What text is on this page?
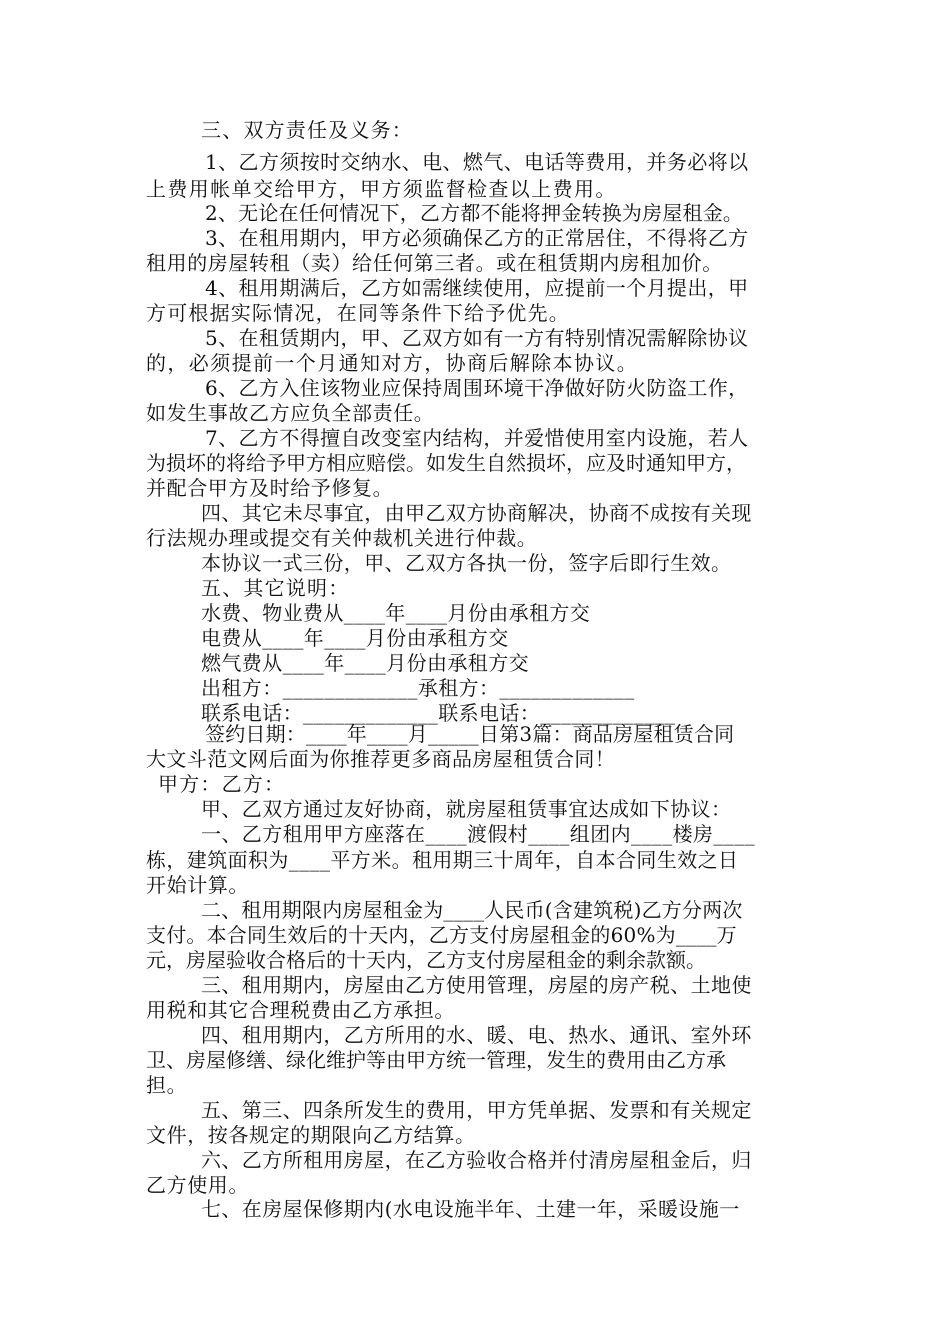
三、双方责任及义务：

1、乙方须按时交纳水、电、燃气、电话等费用，并务必将以

上费用帐单交给甲方，甲方须监督检查以上费用。

2、无论在任何情况下，乙方都不能将押金转换为房屋租金。

3、在租用期内，甲方必须确保乙方的正常居住，不得将乙方

租用的房屋转租（卖）给任何第三者。或在租赁期内房租加价。

4、租用期满后，乙方如需继续使用，应提前一个月提出，甲

方可根据实际情况，在同等条件下给予优先。

5、在租赁期内，甲、乙双方如有一方有特别情况需解除协议

的，必须提前一个月通知对方，协商后解除本协议。

6、乙方入住该物业应保持周围环境干净做好防火防盗工作，

如发生事故乙方应负全部责任。

7、乙方不得擅自改变室内结构，并爱惜使用室内设施，若人

为损坏的将给予甲方相应赔偿。如发生自然损坏，应及时通知甲方，

并配合甲方及时给予修复。

四、其它未尽事宜，由甲乙双方协商解决，协商不成按有关现

行法规办理或提交有关仲裁机关进行仲裁。

本协议一式三份，甲、乙双方各执一份，签字后即行生效。

五、其它说明：

水费、物业费从____年____月份由承租方交

电费从____年____月份由承租方交

燃气费从____年____月份由承租方交

出租方：_____________承租方：_____________

联系电话：_____________联系电话：_____________

签约日期：____年____月_____日第3篇：商品房屋租赁合同

大文斗范文网后面为你推荐更多商品房屋租赁合同！

甲方：乙方：

甲、乙双方通过友好协商，就房屋租赁事宜达成如下协议：

一、乙方租用甲方座落在____渡假村____组团内____楼房____

栋，建筑面积为____平方米。租用期三十周年，自本合同生效之日

开始计算。

二、租用期限内房屋租金为____人民币(含建筑税)乙方分两次

支付。本合同生效后的十天内，乙方支付房屋租金的60%为____万

元，房屋验收合格后的十天内，乙方支付房屋租金的剩余款额。

三、租用期内，房屋由乙方使用管理，房屋的房产税、土地使

用税和其它合理税费由乙方承担。

四、租用期内，乙方所用的水、暖、电、热水、通讯、室外环

卫、房屋修缮、绿化维护等由甲方统一管理，发生的费用由乙方承

担。

五、第三、四条所发生的费用，甲方凭单据、发票和有关规定

文件，按各规定的期限向乙方结算。

六、乙方所租用房屋，在乙方验收合格并付清房屋租金后，归

乙方使用。

七、在房屋保修期内(水电设施半年、土建一年，采暖设施一
